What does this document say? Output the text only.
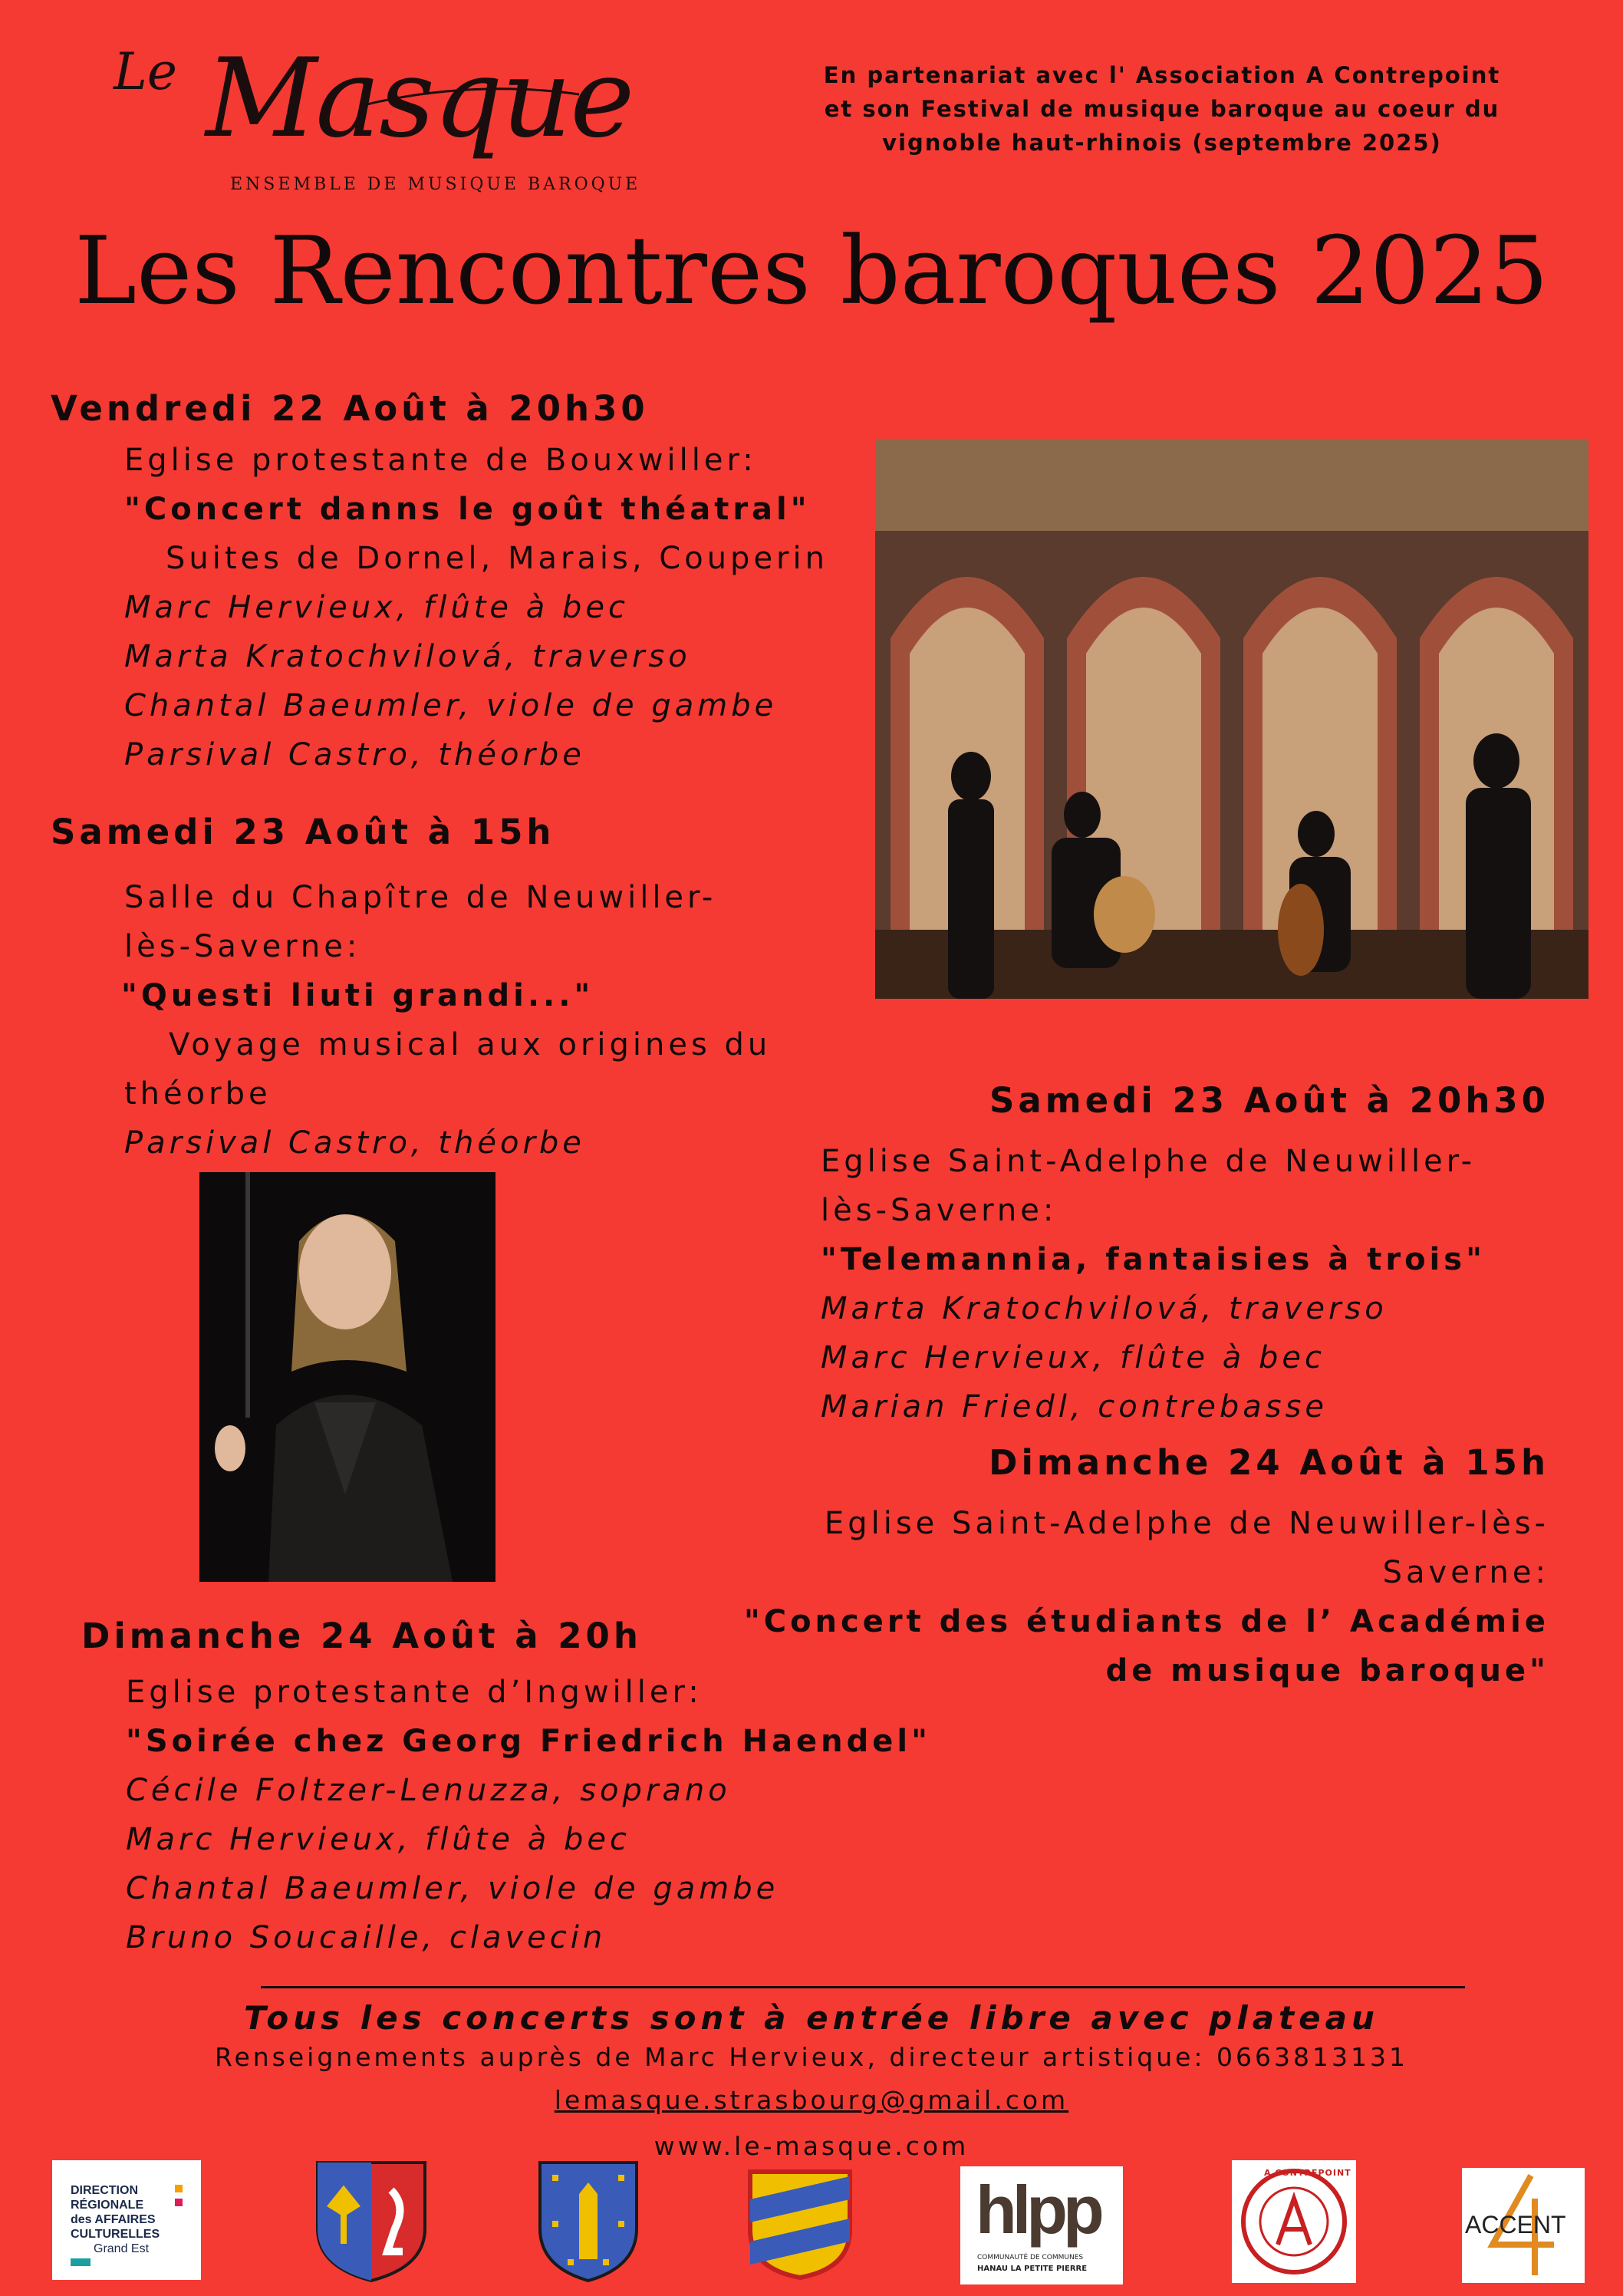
Le Masque
ENSEMBLE DE MUSIQUE BAROQUE
En partenariat avec l' Association A Contrepoint
et son Festival de musique baroque au coeur du
vignoble haut-rhinois (septembre 2025)
Les Rencontres baroques 2025
Vendredi 22 Août à 20h30
Eglise protestante de Bouxwiller:
"Concert danns le goût théatral"
Suites de Dornel, Marais, Couperin
Marc Hervieux, flûte à bec
Marta Kratochvilová, traverso
Chantal Baeumler, viole de gambe
Parsival Castro, théorbe
Samedi 23 Août à 15h
Salle du Chapître de Neuwiller-
lès-Saverne:
"Questi liuti grandi..."
Voyage musical aux origines du
théorbe
Parsival Castro, théorbe
Samedi 23 Août à 20h30
Eglise Saint-Adelphe de Neuwiller-
lès-Saverne:
"Telemannia, fantaisies à trois"
Marta Kratochvilová, traverso
Marc Hervieux, flûte à bec
Marian Friedl, contrebasse
Dimanche 24 Août à 15h
Eglise Saint-Adelphe de Neuwiller-lès-
Saverne:
"Concert des étudiants de l’ Académie
de musique baroque"
Dimanche 24 Août à 20h
Eglise protestante d’Ingwiller:
"Soirée chez Georg Friedrich Haendel"
Cécile Foltzer-Lenuzza, soprano
Marc Hervieux, flûte à bec
Chantal Baeumler, viole de gambe
Bruno Soucaille, clavecin
Tous les concerts sont à entrée libre avec plateau
Renseignements auprès de Marc Hervieux, directeur artistique: 0663813131
lemasque.strasbourg@gmail.com
www.le-masque.com
DIRECTION
RÉGIONALE
des AFFAIRES
CULTURELLES
Grand Est
hlpp
COMMUNAUTÉ DE COMMUNES
HANAU LA PETITE PIERRE
A CONTREPOINT
ACCENT
